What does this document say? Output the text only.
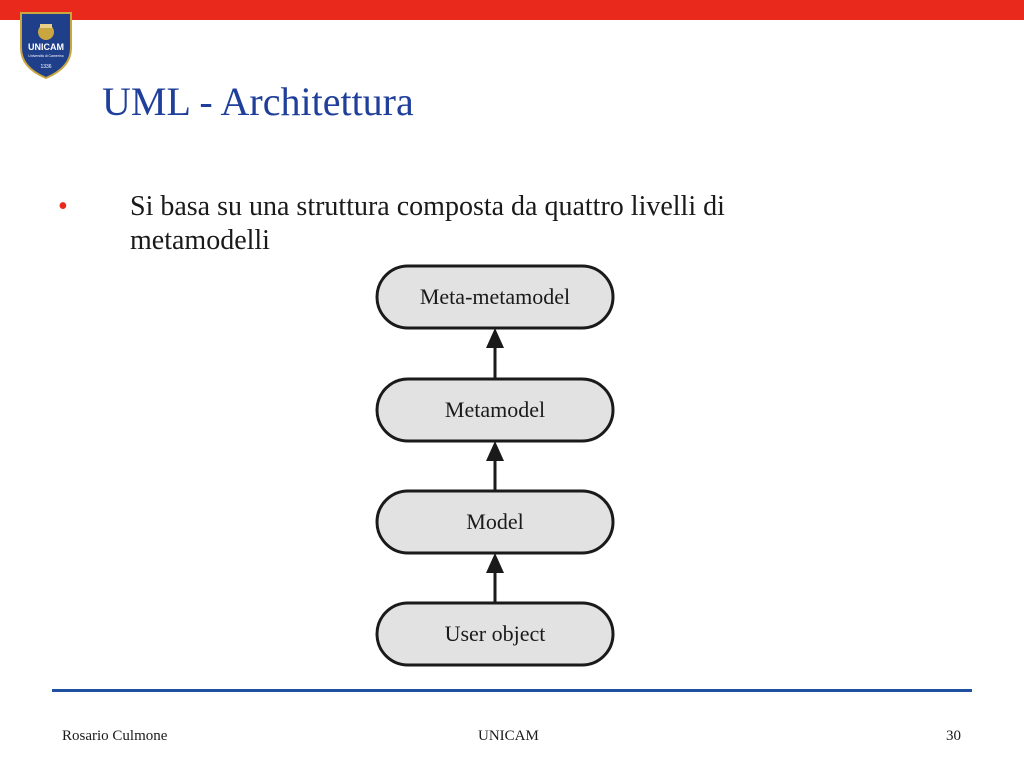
UNICAM
Università di Camerino
1336
UML - Architettura
• Si basa su una struttura composta da quattro livelli di metamodelli
Meta-metamodel
Metamodel
Model
User object
Rosario Culmone	UNICAM	30
